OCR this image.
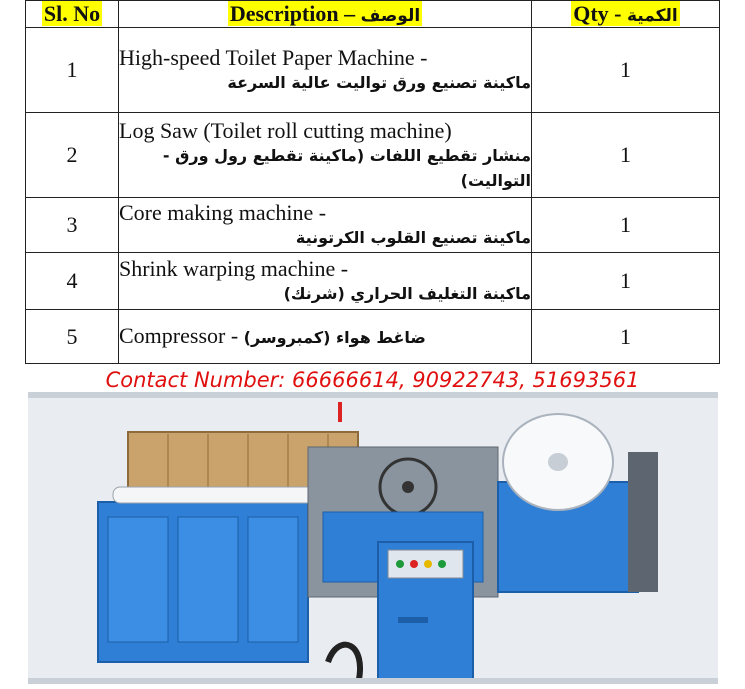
Sl. No	Description – الوصف	Qty - الكمية
1	High-speed Toilet Paper Machine -
ماكينة تصنيع ورق تواليت عالية السرعة	1
2	Log Saw (Toilet roll cutting machine)
منشار تقطيع اللفات (ماكينة تقطيع رول ورق - التواليت)	1
3	Core making machine -
ماكينة تصنيع القلوب الكرتونية	1
4	Shrink warping machine -
ماكينة التغليف الحراري (شرنك)	1
5	Compressor - ضاغط هواء (كمبروسر)	1
Contact Number: 66666614, 90922743, 51693561
